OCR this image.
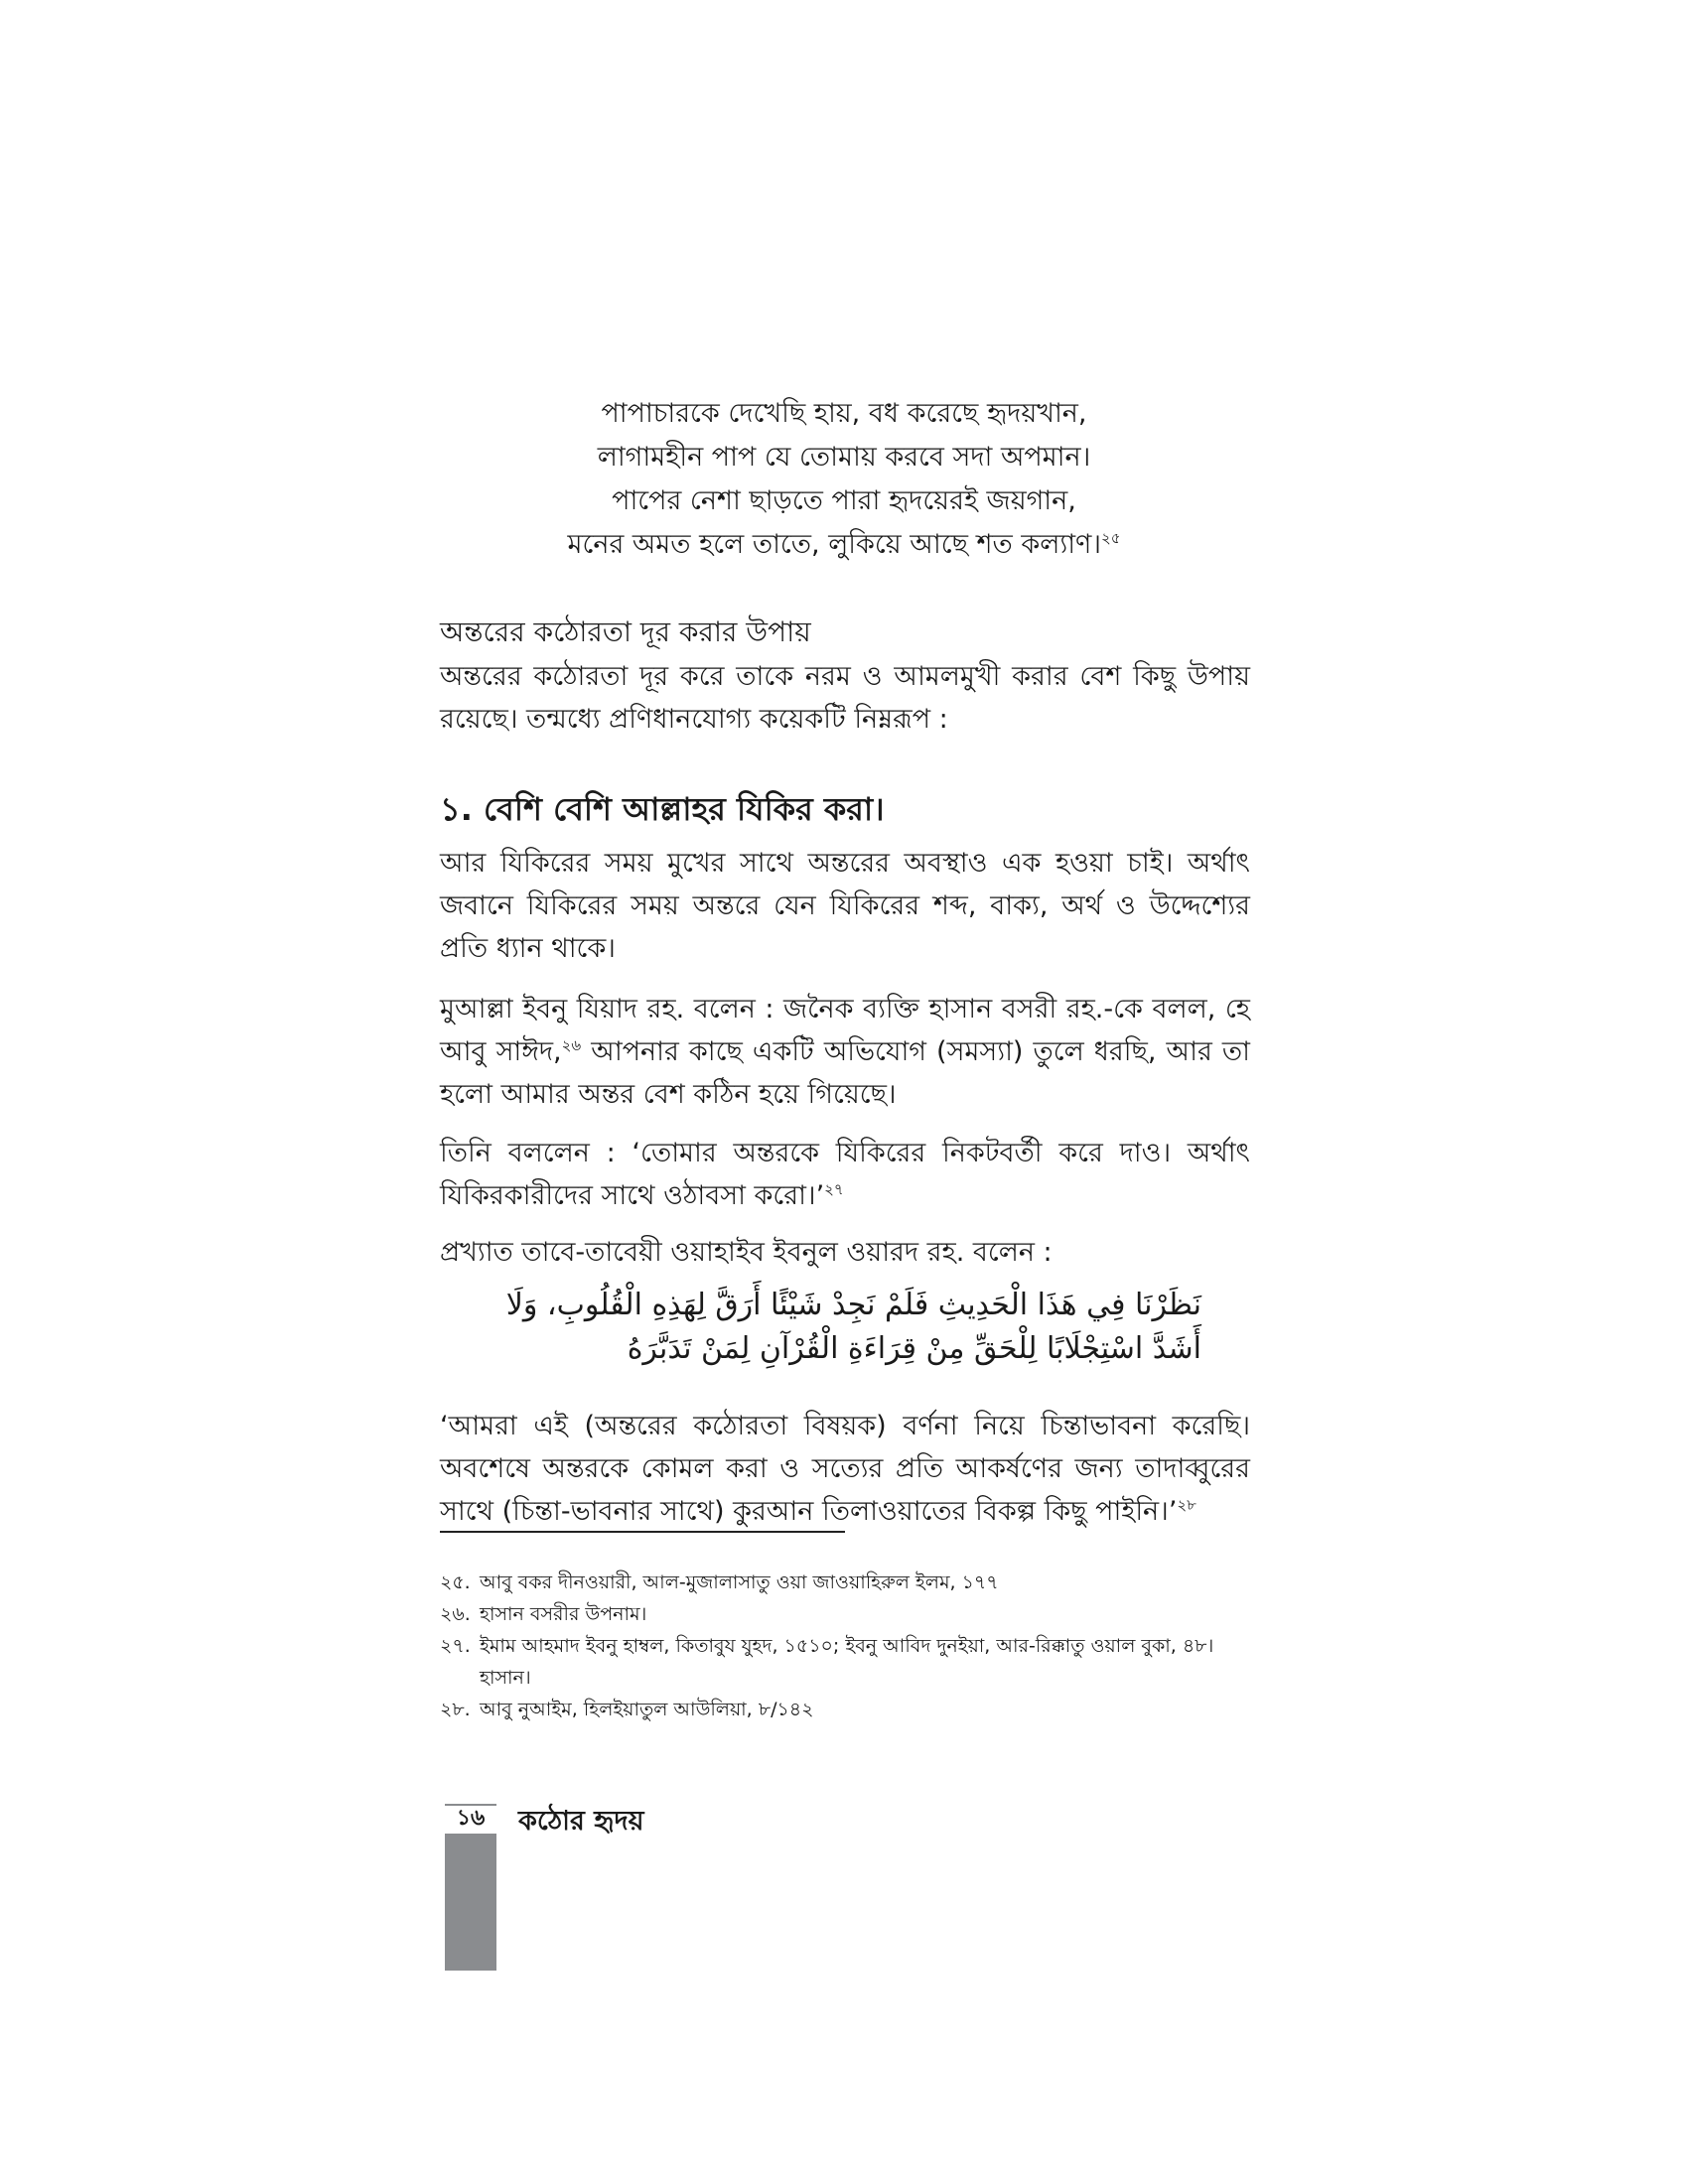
পাপাচারকে দেখেছি হায়, বধ করেছে হৃদয়খান,
লাগামহীন পাপ যে তোমায় করবে সদা অপমান।
পাপের নেশা ছাড়তে পারা হৃদয়েরই জয়গান,
মনের অমত হলে তাতে, লুকিয়ে আছে শত কল্যাণ।$^{২৫}$
অন্তরের কঠোরতা দূর করার উপায়
অন্তরের কঠোরতা দূর করে তাকে নরম ও আমলমুখী করার বেশ কিছু উপায় রয়েছে। তন্মধ্যে প্রণিধানযোগ্য কয়েকটি নিম্নরূপ :
১. বেশি বেশি আল্লাহর যিকির করা।
আর যিকিরের সময় মুখের সাথে অন্তরের অবস্থাও এক হওয়া চাই। অর্থাৎ জবানে যিকিরের সময় অন্তরে যেন যিকিরের শব্দ, বাক্য, অর্থ ও উদ্দেশ্যের প্রতি ধ্যান থাকে।
মুআল্লা ইবনু যিয়াদ রহ. বলেন : জনৈক ব্যক্তি হাসান বসরী রহ.-কে বলল, হে আবু সাঈদ,$^{২৬}$ আপনার কাছে একটি অভিযোগ (সমস্যা) তুলে ধরছি, আর তা হলো আমার অন্তর বেশ কঠিন হয়ে গিয়েছে।
তিনি বললেন : ‘তোমার অন্তরকে যিকিরের নিকটবর্তী করে দাও। অর্থাৎ যিকিরকারীদের সাথে ওঠাবসা করো।’$^{২৭}$
প্রখ্যাত তাবে-তাবেয়ী ওয়াহাইব ইবনুল ওয়ারদ রহ. বলেন :
نَظَرْنَا فِي هَذَا الْحَدِيثِ فَلَمْ نَجِدْ شَيْئًا أَرَقَّ لِهَذِهِ الْقُلُوبِ، وَلَا
أَشَدَّ اسْتِجْلَابًا لِلْحَقِّ مِنْ قِرَاءَةِ الْقُرْآنِ لِمَنْ تَدَبَّرَهُ
‘আমরা এই (অন্তরের কঠোরতা বিষয়ক) বর্ণনা নিয়ে চিন্তাভাবনা করেছি। অবশেষে অন্তরকে কোমল করা ও সত্যের প্রতি আকর্ষণের জন্য তাদাব্বুরের সাথে (চিন্তা-ভাবনার সাথে) কুরআন তিলাওয়াতের বিকল্প কিছু পাইনি।’$^{২৮}$
২৫. আবু বকর দীনওয়ারী, আল-মুজালাসাতু ওয়া জাওয়াহিরুল ইলম, ১৭৭
২৬. হাসান বসরীর উপনাম।
২৭. ইমাম আহমাদ ইবনু হাম্বল, কিতাবুয যুহদ, ১৫১০; ইবনু আবিদ দুনইয়া, আর-রিক্কাতু ওয়াল বুকা, ৪৮। হাসান।
২৮. আবু নুআইম, হিলইয়াতুল আউলিয়া, ৮/১৪২
১৬	কঠোর হৃদয়
